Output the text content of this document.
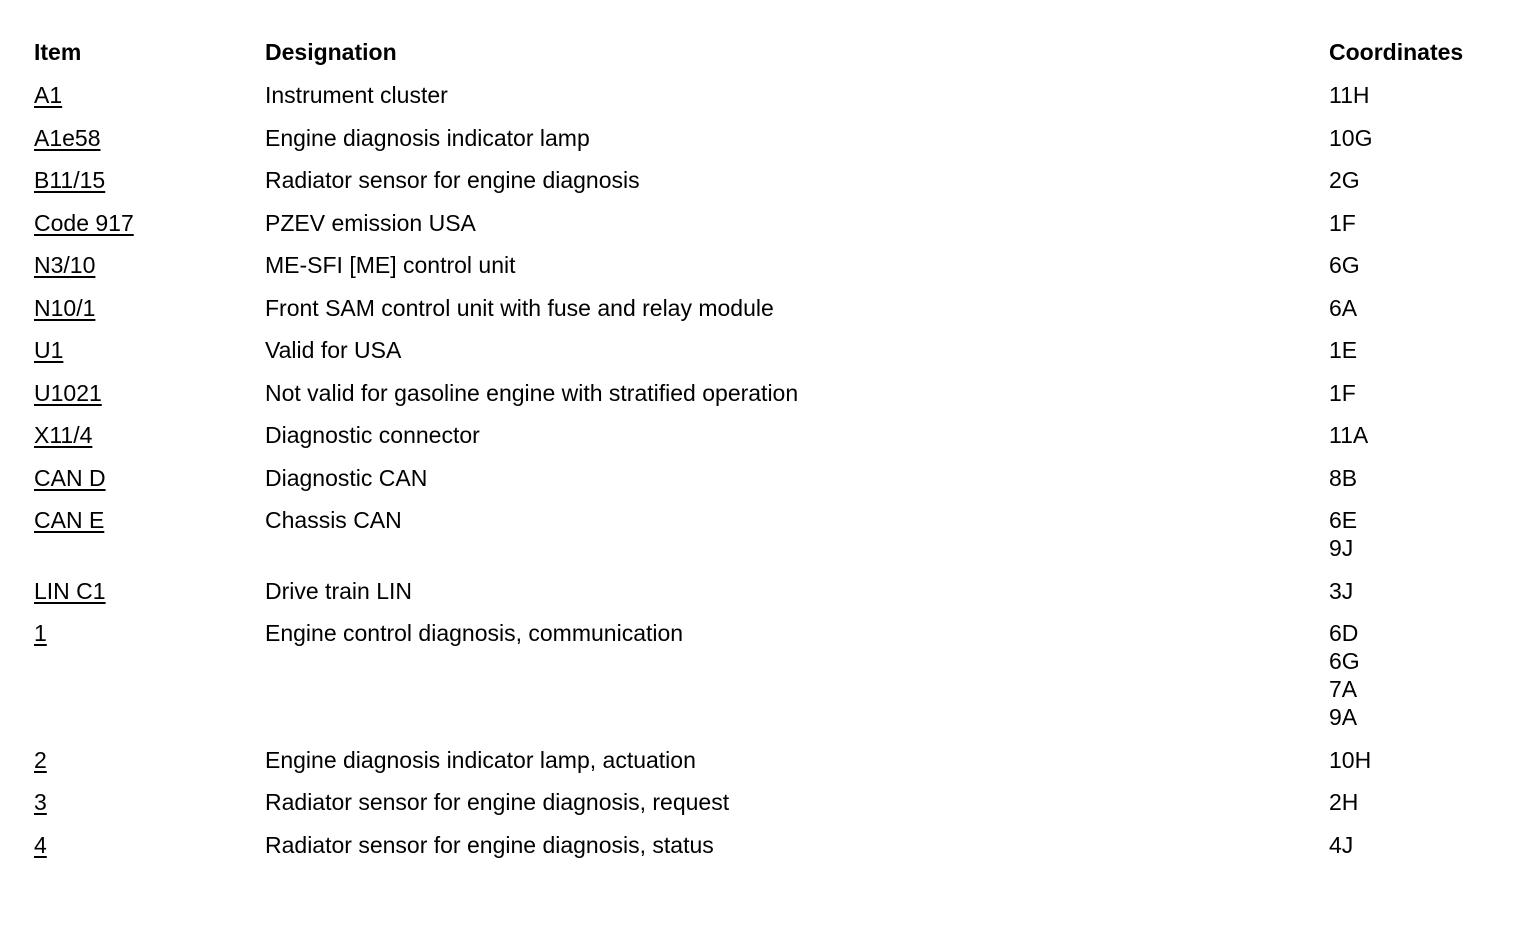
Item	Designation	Coordinates
A1	Instrument cluster	11H
A1e58	Engine diagnosis indicator lamp	10G
B11/15	Radiator sensor for engine diagnosis	2G
Code 917	PZEV emission USA	1F
N3/10	ME-SFI [ME] control unit	6G
N10/1	Front SAM control unit with fuse and relay module	6A
U1	Valid for USA	1E
U1021	Not valid for gasoline engine with stratified operation	1F
X11/4	Diagnostic connector	11A
CAN D	Diagnostic CAN	8B
CAN E	Chassis CAN	6E
9J
LIN C1	Drive train LIN	3J
1	Engine control diagnosis, communication	6D
6G
7A
9A
2	Engine diagnosis indicator lamp, actuation	10H
3	Radiator sensor for engine diagnosis, request	2H
4	Radiator sensor for engine diagnosis, status	4J
